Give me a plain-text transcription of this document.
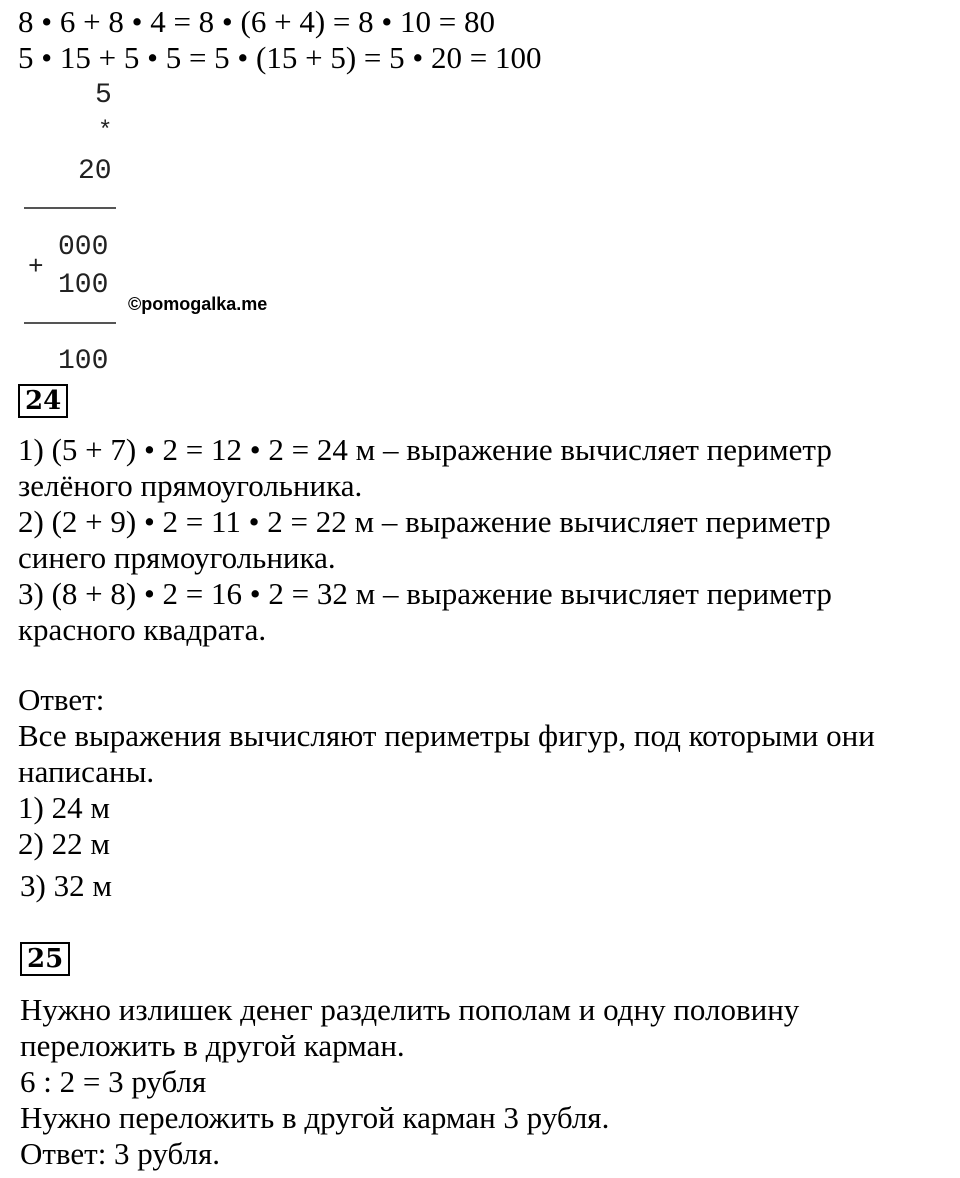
8 • 6 + 8 • 4 = 8 • (6 + 4) = 8 • 10 = 80
5 • 15 + 5 • 5 = 5 • (15 + 5) = 5 • 20 = 100
5
*
20
000
+
100
100
©pomogalka.me
24
1) (5 + 7) • 2 = 12 • 2 = 24 м – выражение вычисляет периметр
зелёного прямоугольника.
2) (2 + 9) • 2 = 11 • 2 = 22 м – выражение вычисляет периметр
синего прямоугольника.
3) (8 + 8) • 2 = 16 • 2 = 32 м – выражение вычисляет периметр
красного квадрата.
Ответ:
Все выражения вычисляют периметры фигур, под которыми они
написаны.
1) 24 м
2) 22 м
3) 32 м
25
Нужно излишек денег разделить пополам и одну половину
переложить в другой карман.
6 : 2 = 3 рубля
Нужно переложить в другой карман 3 рубля.
Ответ: 3 рубля.
